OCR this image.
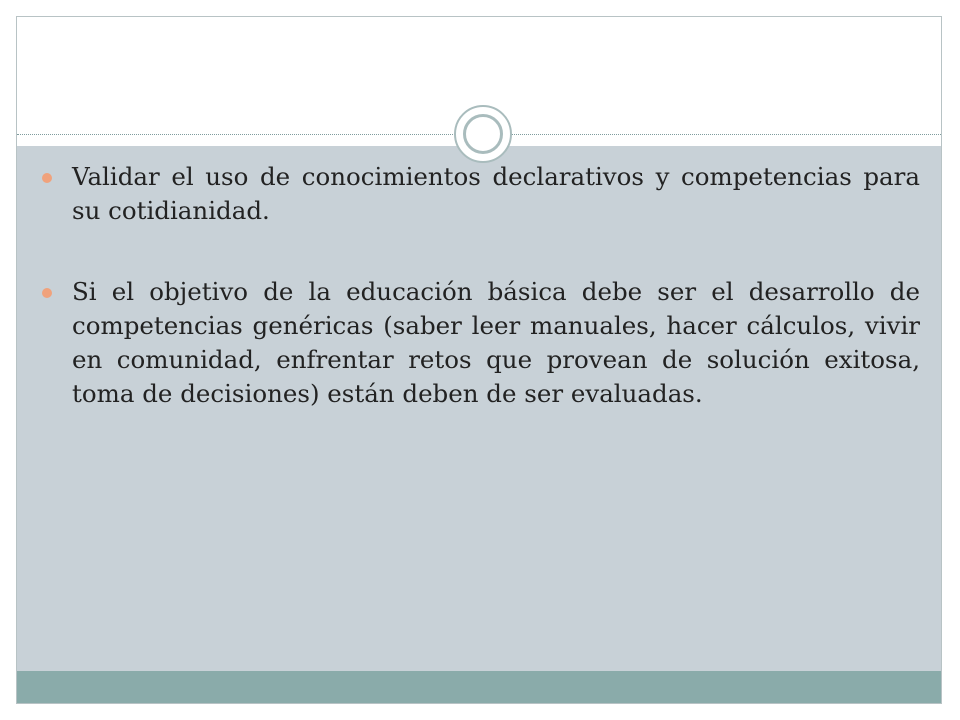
Validar el uso de conocimientos declarativos y competencias para su cotidianidad.
Si el objetivo de la educación básica debe ser el desarrollo de competencias genéricas (saber leer manuales, hacer cálculos, vivir en comunidad, enfrentar retos que provean de solución exitosa, toma de decisiones) están deben de ser evaluadas.
